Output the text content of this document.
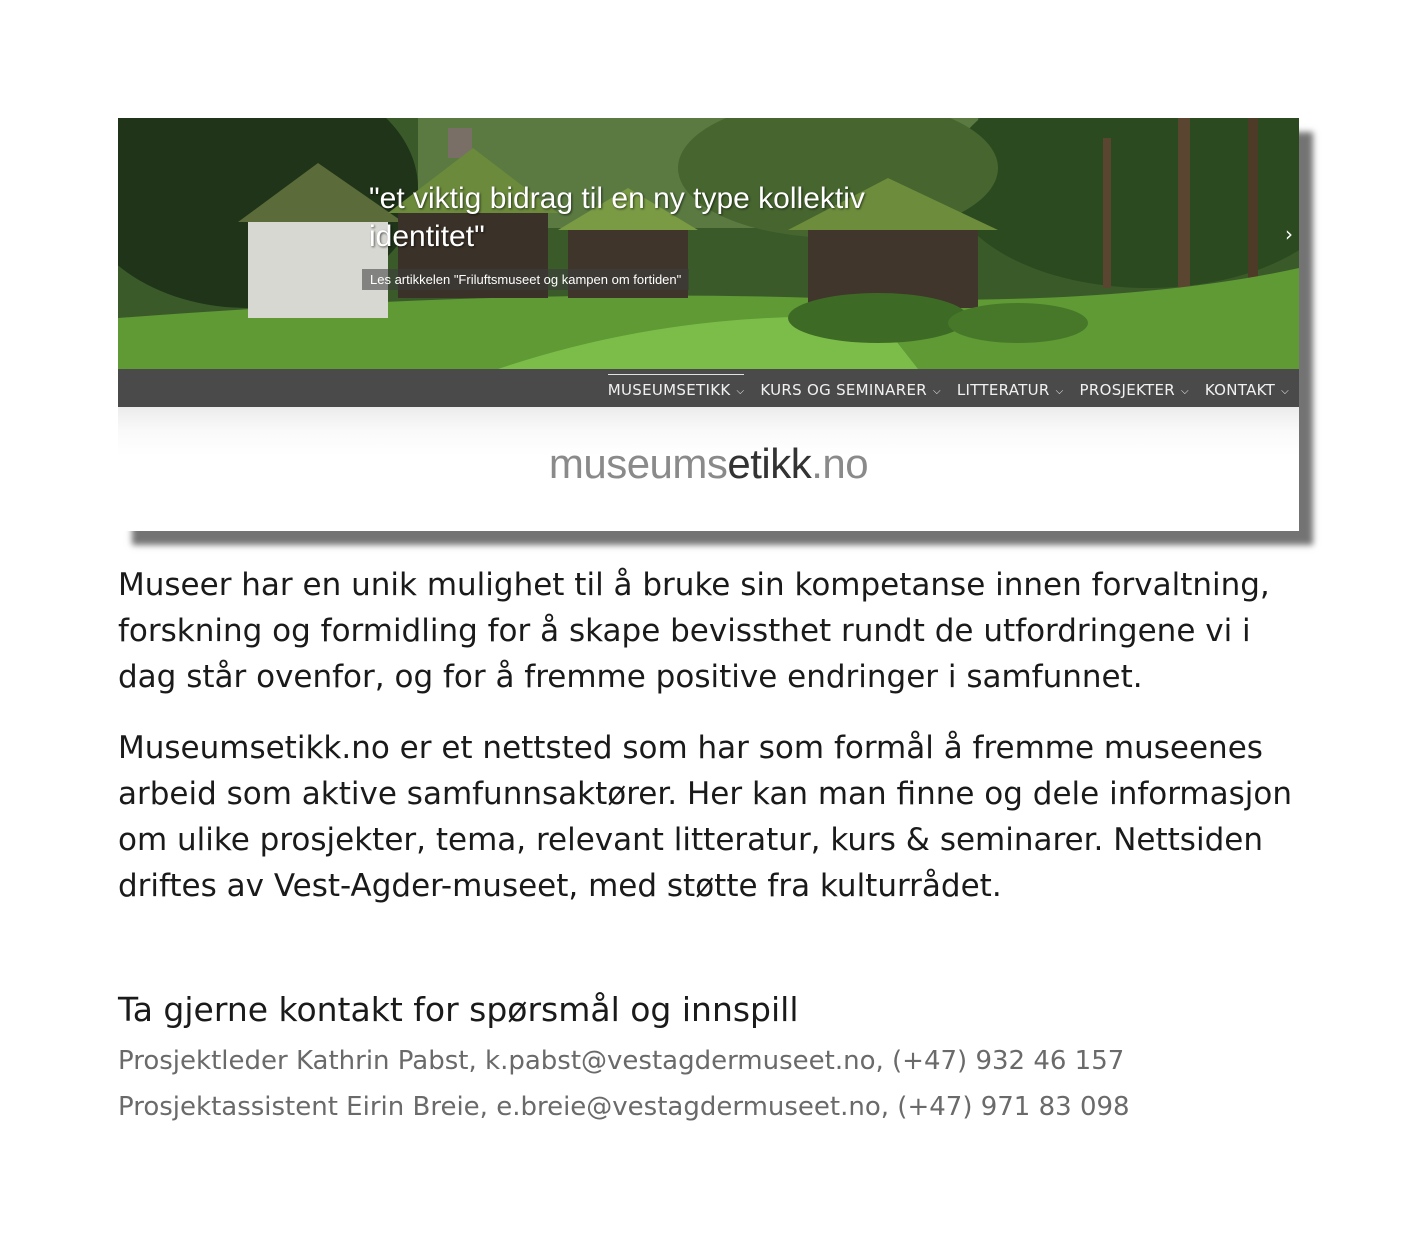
"et viktig bidrag til en ny type kollektiv identitet"

Les artikkelen "Friluftsmuseet og kampen om fortiden"
›
MUSEUMSETIKK ⌵ KURS OG SEMINARER ⌵ LITTERATUR ⌵ PROSJEKTER ⌵ KONTAKT ⌵
museumsetikk.no

Museer har en unik mulighet til å bruke sin kompetanse innen forvaltning, forskning og formidling for å skape bevissthet rundt de utfordringene vi i dag står ovenfor, og for å fremme positive endringer i samfunnet.

Museumsetikk.no er et nettsted som har som formål å fremme museenes arbeid som aktive samfunnsaktører. Her kan man finne og dele informasjon om ulike prosjekter, tema, relevant litteratur, kurs & seminarer. Nettsiden driftes av Vest-Agder-museet, med støtte fra kulturrådet.

Ta gjerne kontakt for spørsmål og innspill

Prosjektleder Kathrin Pabst, k.pabst@vestagdermuseet.no, (+47) 932 46 157

Prosjektassistent Eirin Breie, e.breie@vestagdermuseet.no, (+47) 971 83 098
